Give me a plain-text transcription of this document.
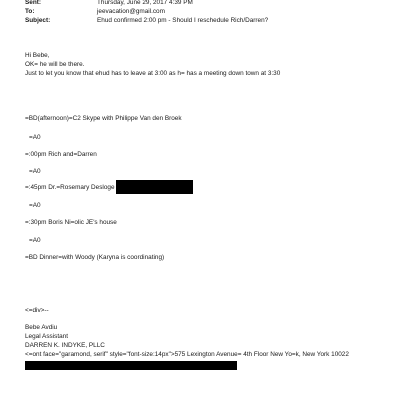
Sent:	Thursday, June 29, 2017 4:39 PM
To:	jeevacation@gmail.com
Subject:	Ehud confirmed 2:00 pm - Should I reschedule Rich/Darren?
Hi Bebe,
OK= he will be there.
Just to let you know that ehud has to leave at 3:00 as h= has a meeting down town at 3:30
=BD(afternoon)=C2 Skype with Philippe Van den Broek
=A0
=:00pm Rich and=Darren
=A0
=:45pm Dr.=Rosemary Desloge
=A0
=:30pm Boris Ni=olic JE's house
=A0
=BD Dinner=with Woody (Karyna is coordinating)
<=div>--
Bebe Avdiu
Legal Assistant
DARREN K. INDYKE, PLLC
<=ont face="garamond, serif" style="font-size:14px">575 Lexington Avenue= 4th Floor New Yo=k, New York 10022
